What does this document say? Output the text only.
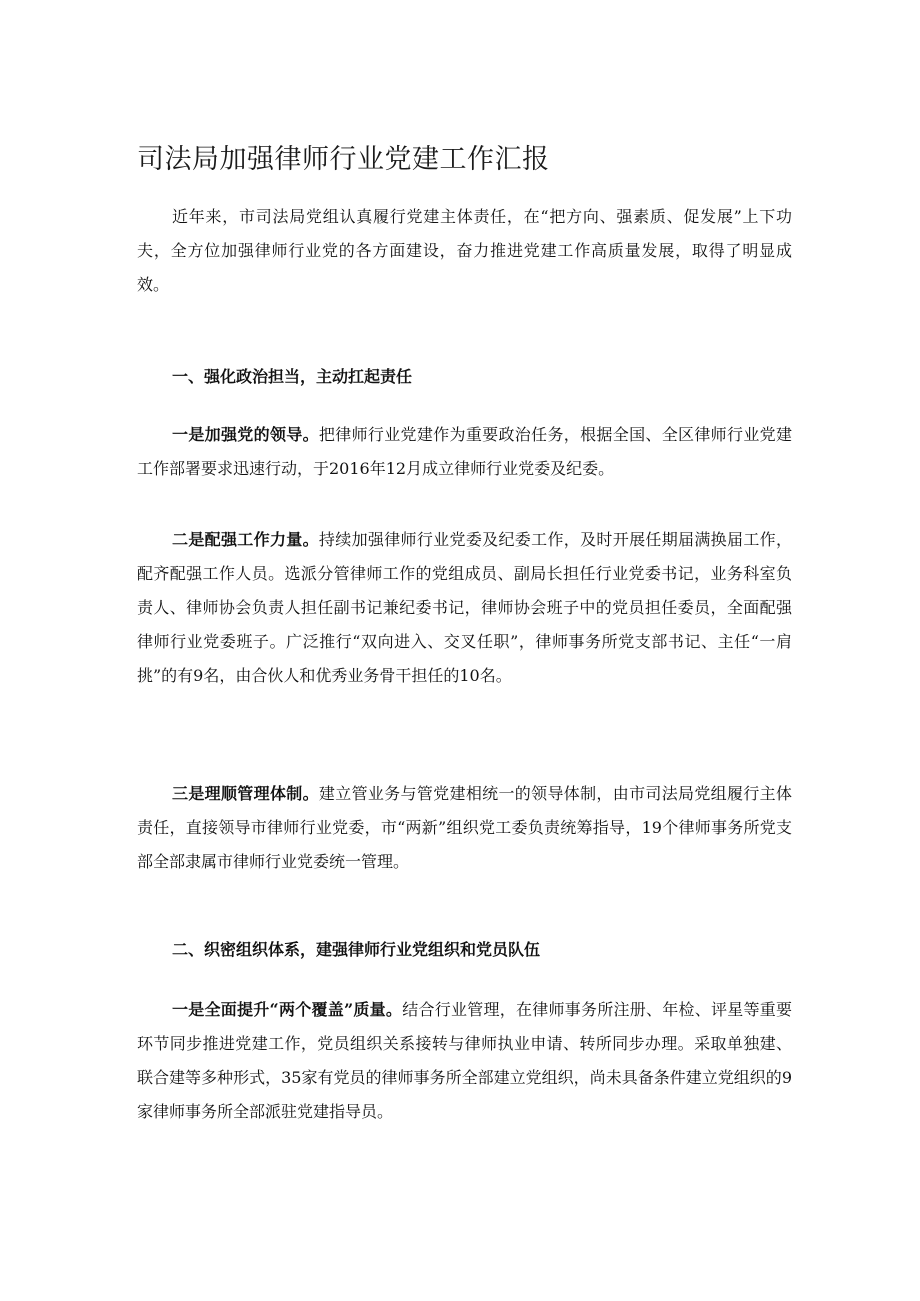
司法局加强律师行业党建工作汇报

近年来，市司法局党组认真履行党建主体责任，在“把方向、强素质、促发展”上下功夫，全方位加强律师行业党的各方面建设，奋力推进党建工作高质量发展，取得了明显成效。

一、强化政治担当，主动扛起责任

一是加强党的领导。把律师行业党建作为重要政治任务，根据全国、全区律师行业党建工作部署要求迅速行动，于2016年12月成立律师行业党委及纪委。

二是配强工作力量。持续加强律师行业党委及纪委工作，及时开展任期届满换届工作，配齐配强工作人员。选派分管律师工作的党组成员、副局长担任行业党委书记，业务科室负责人、律师协会负责人担任副书记兼纪委书记，律师协会班子中的党员担任委员，全面配强律师行业党委班子。广泛推行“双向进入、交叉任职”，律师事务所党支部书记、主任“一肩挑”的有9名，由合伙人和优秀业务骨干担任的10名。

三是理顺管理体制。建立管业务与管党建相统一的领导体制，由市司法局党组履行主体责任，直接领导市律师行业党委，市“两新”组织党工委负责统筹指导，19个律师事务所党支部全部隶属市律师行业党委统一管理。

二、织密组织体系，建强律师行业党组织和党员队伍

一是全面提升“两个覆盖”质量。结合行业管理，在律师事务所注册、年检、评星等重要环节同步推进党建工作，党员组织关系接转与律师执业申请、转所同步办理。采取单独建、联合建等多种形式，35家有党员的律师事务所全部建立党组织，尚未具备条件建立党组织的9家律师事务所全部派驻党建指导员。
